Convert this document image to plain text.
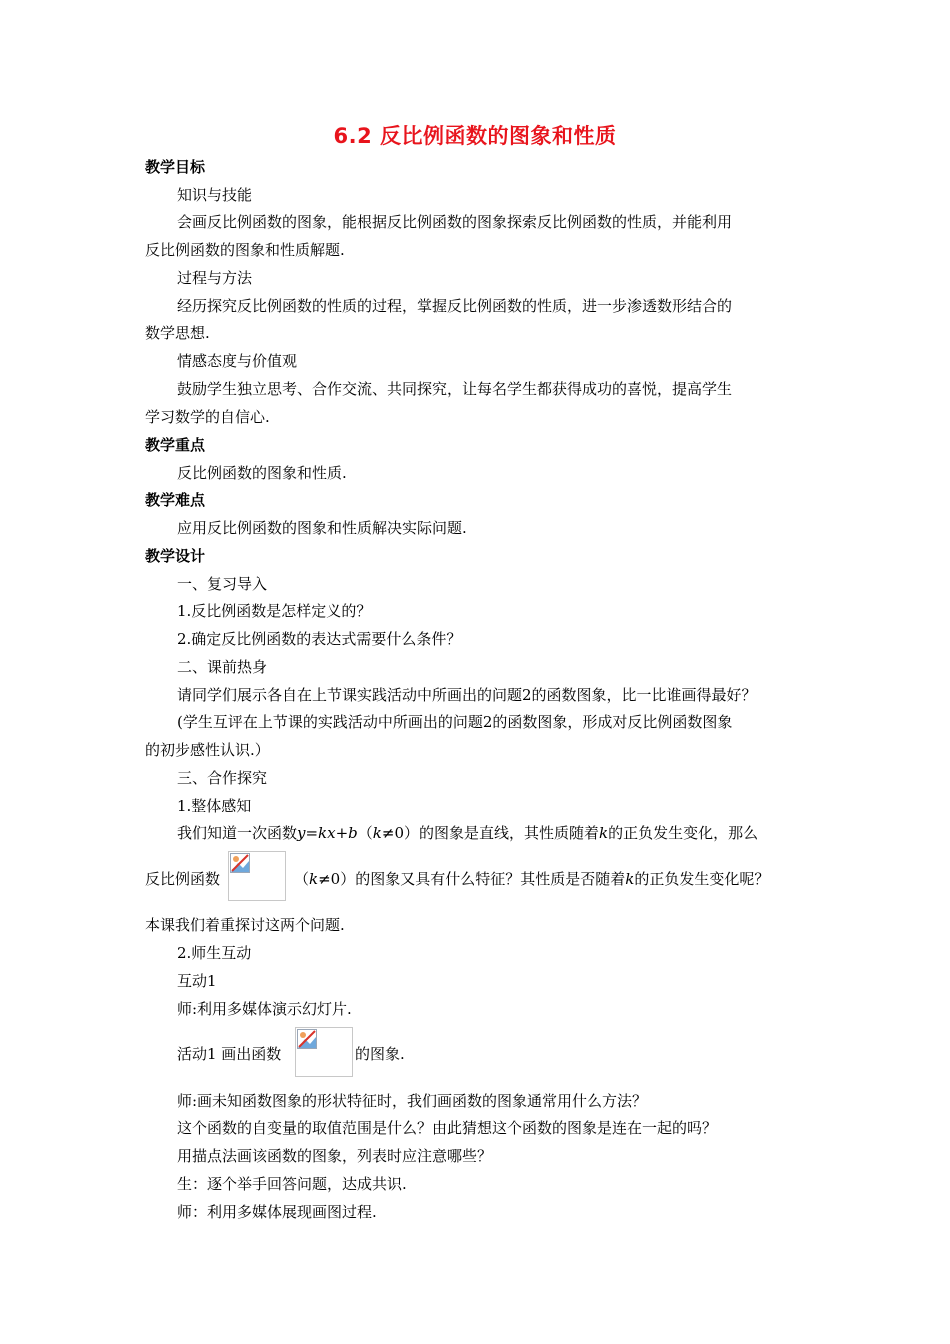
6.2 反比例函数的图象和性质
教学目标
知识与技能
会画反比例函数的图象，能根据反比例函数的图象探索反比例函数的性质，并能利用
反比例函数的图象和性质解题.
过程与方法
经历探究反比例函数的性质的过程，掌握反比例函数的性质，进一步渗透数形结合的
数学思想.
情感态度与价值观
鼓励学生独立思考、合作交流、共同探究，让每名学生都获得成功的喜悦，提高学生
学习数学的自信心.
教学重点
反比例函数的图象和性质.
教学难点
应用反比例函数的图象和性质解决实际问题.
教学设计
一、复习导入
1.反比例函数是怎样定义的？
2.确定反比例函数的表达式需要什么条件？
二、课前热身
请同学们展示各自在上节课实践活动中所画出的问题2的函数图象，比一比谁画得最好？
(学生互评在上节课的实践活动中所画出的问题2的函数图象，形成对反比例函数图象
的初步感性认识.）
三、合作探究
1.整体感知
我们知道一次函数y=kx+b（k≠0）的图象是直线，其性质随着k的正负发生变化，那么
反比例函数	（k≠0）的图象又具有什么特征？其性质是否随着k的正负发生变化呢？
本课我们着重探讨这两个问题.
2.师生互动
互动1
师:利用多媒体演示幻灯片.
活动1 画出函数	的图象.
师:画未知函数图象的形状特征时，我们画函数的图象通常用什么方法？
这个函数的自变量的取值范围是什么？由此猜想这个函数的图象是连在一起的吗？
用描点法画该函数的图象，列表时应注意哪些？
生：逐个举手回答问题，达成共识.
师：利用多媒体展现画图过程.
